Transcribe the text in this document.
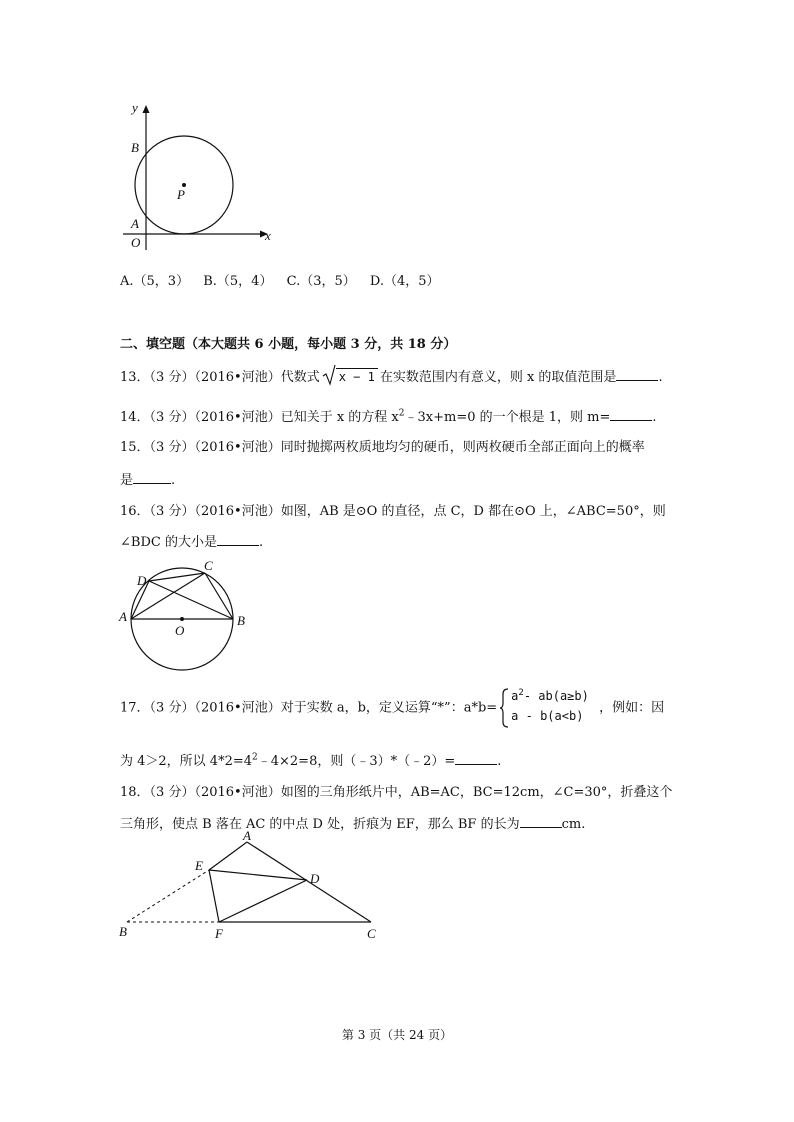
y
x
B
P
A
O
A.（5，3） B.（5，4） C.（3，5） D.（4，5）
二、填空题（本大题共 6 小题，每小题 3 分，共 18 分）
13．（3 分）（2016•河池）代数式 x − 1 在实数范围内有意义，则 x 的取值范围是	.
14．（3 分）（2016•河池）已知关于 x 的方程 $x^2﹣3x+m=0$ 的一个根是 1，则 m=	.
15．（3 分）（2016•河池）同时抛掷两枚质地均匀的硬币，则两枚硬币全部正面向上的概率
是	.
16．（3 分）（2016•河池）如图，AB 是⊙O 的直径，点 C，D 都在⊙O 上，∠ABC=50°，则
∠BDC 的大小是	.
D
C
A
O
B
17．（3 分）（2016•河池）对于实数 a，b，定义运算“*”：a*b=
$a^2-$ ab(a≥b)
a - b(a<b)
，例如：因
为 4＞2，所以 $4*2=4^2﹣4\times 2=8$，则（﹣3）*（﹣2）=	.
18．（3 分）（2016•河池）如图的三角形纸片中，AB=AC，BC=12cm，∠C=30°，折叠这个
三角形，使点 B 落在 AC 的中点 D 处，折痕为 EF，那么 BF 的长为	cm.
A
E
D
B	F	C
第 3 页（共 24 页）
